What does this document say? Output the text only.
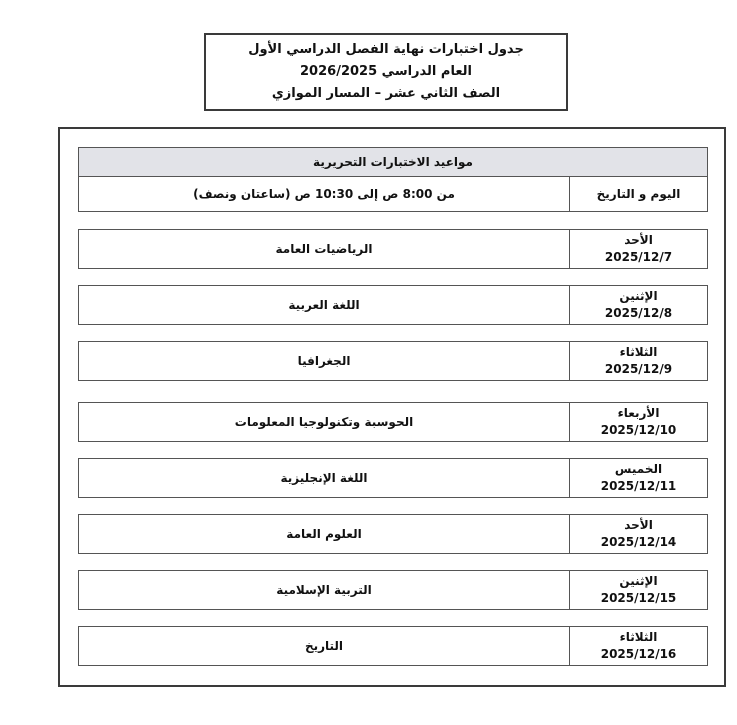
جدول اختبارات نهاية الفصل الدراسي الأول
العام الدراسي 2026/2025
الصف الثاني عشر – المسار الموازي
مواعيد الاختبارات التحريرية
اليوم و التاريخ
من 8:00 ص إلى 10:30 ص (ساعتان ونصف)
الأحد
2025/12/7
الرياضيات العامة
الإثنين
2025/12/8
اللغة العربية
الثلاثاء
2025/12/9
الجغرافيا
الأربعاء
2025/12/10
الحوسبة وتكنولوجيا المعلومات
الخميس
2025/12/11
اللغة الإنجليزية
الأحد
2025/12/14
العلوم العامة
الإثنين
2025/12/15
التربية الإسلامية
الثلاثاء
2025/12/16
التاريخ
